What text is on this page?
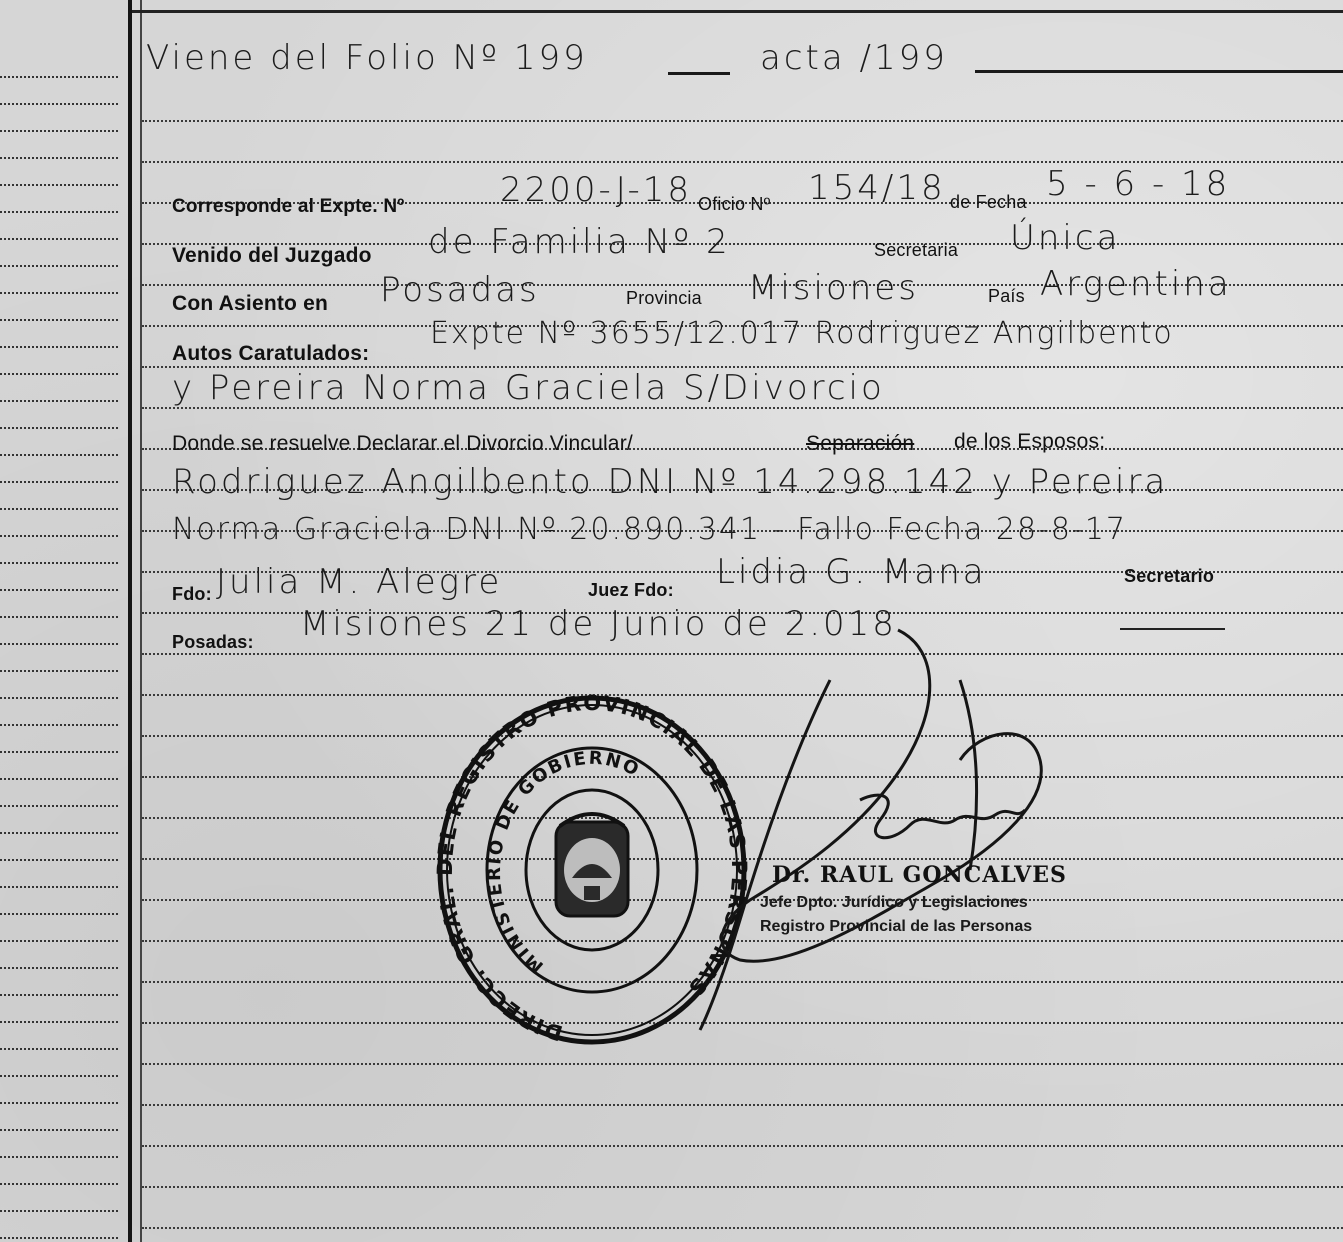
Viene del Folio Nº 199	acta /199
Corresponde al Expte. Nº	2200-J-18 Oficio Nº 154/18 de Fecha 5 - 6 - 18
Venido del Juzgado de Familia Nº 2	Secretaria Única
Con Asiento en Posadas	Provincia Misiones	País Argentina
Autos Caratulados:
Expte Nº 3655/12.017 Rodriguez Angilbento
y Pereira Norma Graciela S/Divorcio
Donde se resuelve Declarar el Divorcio Vincular/	Separación de los Esposos:
Rodriguez Angilbento DNI Nº 14.298.142 y Pereira
Norma Graciela DNI Nº 20.890.341 - Fallo Fecha 28-8-17
Fdo: Julia M. Alegre	Juez Fdo: Lidia G. Mana	Secretario
Posadas: Misiones 21 de Junio de 2.018
DIRECC. GRAL. DEL REGISTRO PROVINCIAL DE LAS PERSONAS
MINISTERIO DE GOBIERNO
Dr. RAUL GONCALVES
Jefe Dpto. Jurídico y Legislaciones
Registro Provincial de las Personas
